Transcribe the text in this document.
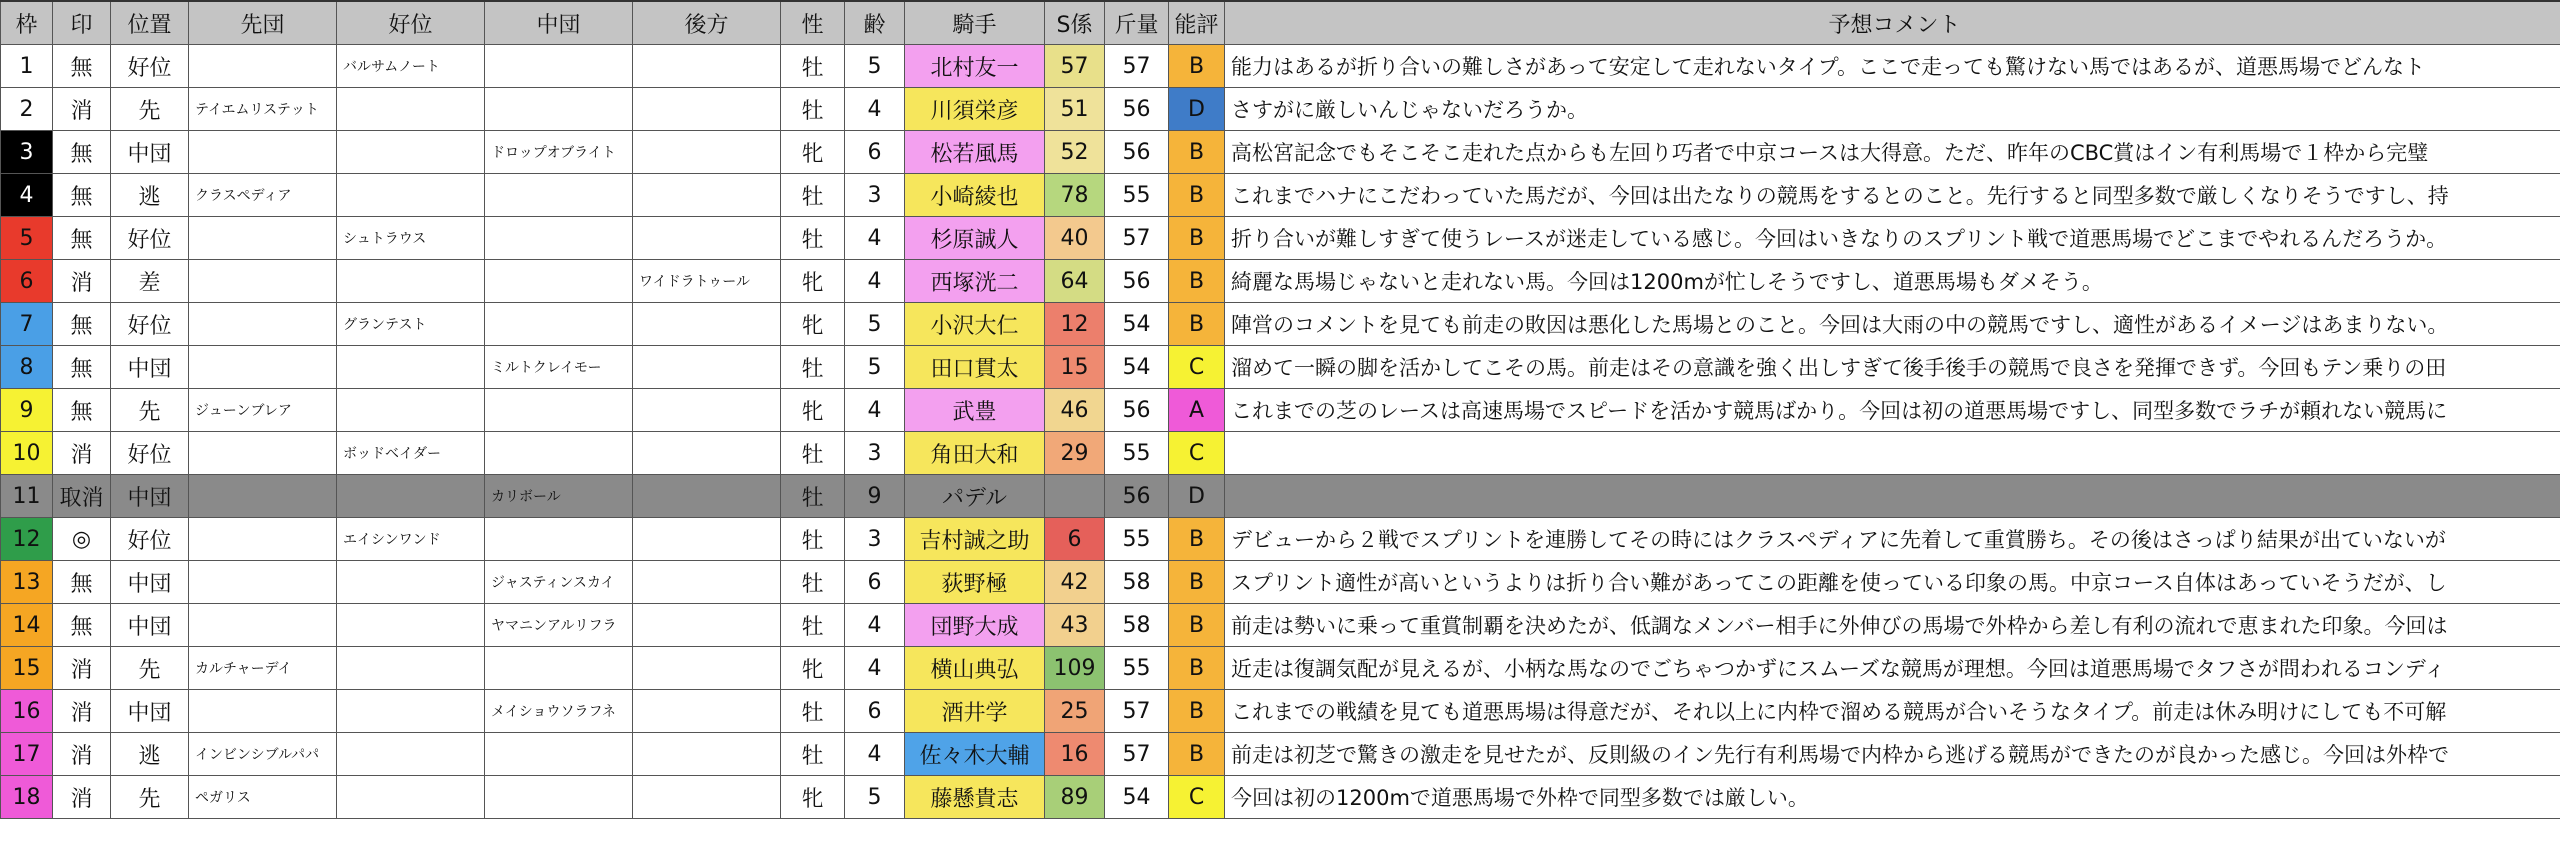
枠	印	位置	先団	好位	中団	後方	性	齢	騎手	S係	斤量	能評	予想コメント
1	無	好位		バルサムノート			牡	5	北村友一	57	57	B	能力はあるが折り合いの難しさがあって安定して走れないタイプ。ここで走っても驚けない馬ではあるが、道悪馬場でどんなト
2	消	先	テイエムリステット				牡	4	川須栄彦	51	56	D	さすがに厳しいんじゃないだろうか。
3	無	中団			ドロップオブライト		牝	6	松若風馬	52	56	B	高松宮記念でもそこそこ走れた点からも左回り巧者で中京コースは大得意。ただ、昨年のCBC賞はイン有利馬場で１枠から完璧
4	無	逃	クラスペディア				牡	3	小崎綾也	78	55	B	これまでハナにこだわっていた馬だが、今回は出たなりの競馬をするとのこと。先行すると同型多数で厳しくなりそうですし、持
5	無	好位		シュトラウス			牡	4	杉原誠人	40	57	B	折り合いが難しすぎて使うレースが迷走している感じ。今回はいきなりのスプリント戦で道悪馬場でどこまでやれるんだろうか。
6	消	差				ワイドラトゥール	牝	4	西塚洸二	64	56	B	綺麗な馬場じゃないと走れない馬。今回は1200mが忙しそうですし、道悪馬場もダメそう。
7	無	好位		グランテスト			牝	5	小沢大仁	12	54	B	陣営のコメントを見ても前走の敗因は悪化した馬場とのこと。今回は大雨の中の競馬ですし、適性があるイメージはあまりない。
8	無	中団			ミルトクレイモー		牡	5	田口貫太	15	54	C	溜めて一瞬の脚を活かしてこその馬。前走はその意識を強く出しすぎて後手後手の競馬で良さを発揮できず。今回もテン乗りの田
9	無	先	ジューンブレア				牝	4	武豊	46	56	A	これまでの芝のレースは高速馬場でスピードを活かす競馬ばかり。今回は初の道悪馬場ですし、同型多数でラチが頼れない競馬に
10	消	好位		ボッドベイダー			牡	3	角田大和	29	55	C	
11	取消	中団			カリボール		牡	9	パデル		56	D	
12	◎	好位		エイシンワンド			牡	3	吉村誠之助	6	55	B	デビューから２戦でスプリントを連勝してその時にはクラスペディアに先着して重賞勝ち。その後はさっぱり結果が出ていないが
13	無	中団			ジャスティンスカイ		牡	6	荻野極	42	58	B	スプリント適性が高いというよりは折り合い難があってこの距離を使っている印象の馬。中京コース自体はあっていそうだが、し
14	無	中団			ヤマニンアルリフラ		牡	4	団野大成	43	58	B	前走は勢いに乗って重賞制覇を決めたが、低調なメンバー相手に外伸びの馬場で外枠から差し有利の流れで恵まれた印象。今回は
15	消	先	カルチャーデイ				牝	4	横山典弘	109	55	B	近走は復調気配が見えるが、小柄な馬なのでごちゃつかずにスムーズな競馬が理想。今回は道悪馬場でタフさが問われるコンディ
16	消	中団			メイショウソラフネ		牡	6	酒井学	25	57	B	これまでの戦績を見ても道悪馬場は得意だが、それ以上に内枠で溜める競馬が合いそうなタイプ。前走は休み明けにしても不可解
17	消	逃	インビンシブルパパ				牡	4	佐々木大輔	16	57	B	前走は初芝で驚きの激走を見せたが、反則級のイン先行有利馬場で内枠から逃げる競馬ができたのが良かった感じ。今回は外枠で
18	消	先	ペガリス				牝	5	藤懸貴志	89	54	C	今回は初の1200mで道悪馬場で外枠で同型多数では厳しい。
